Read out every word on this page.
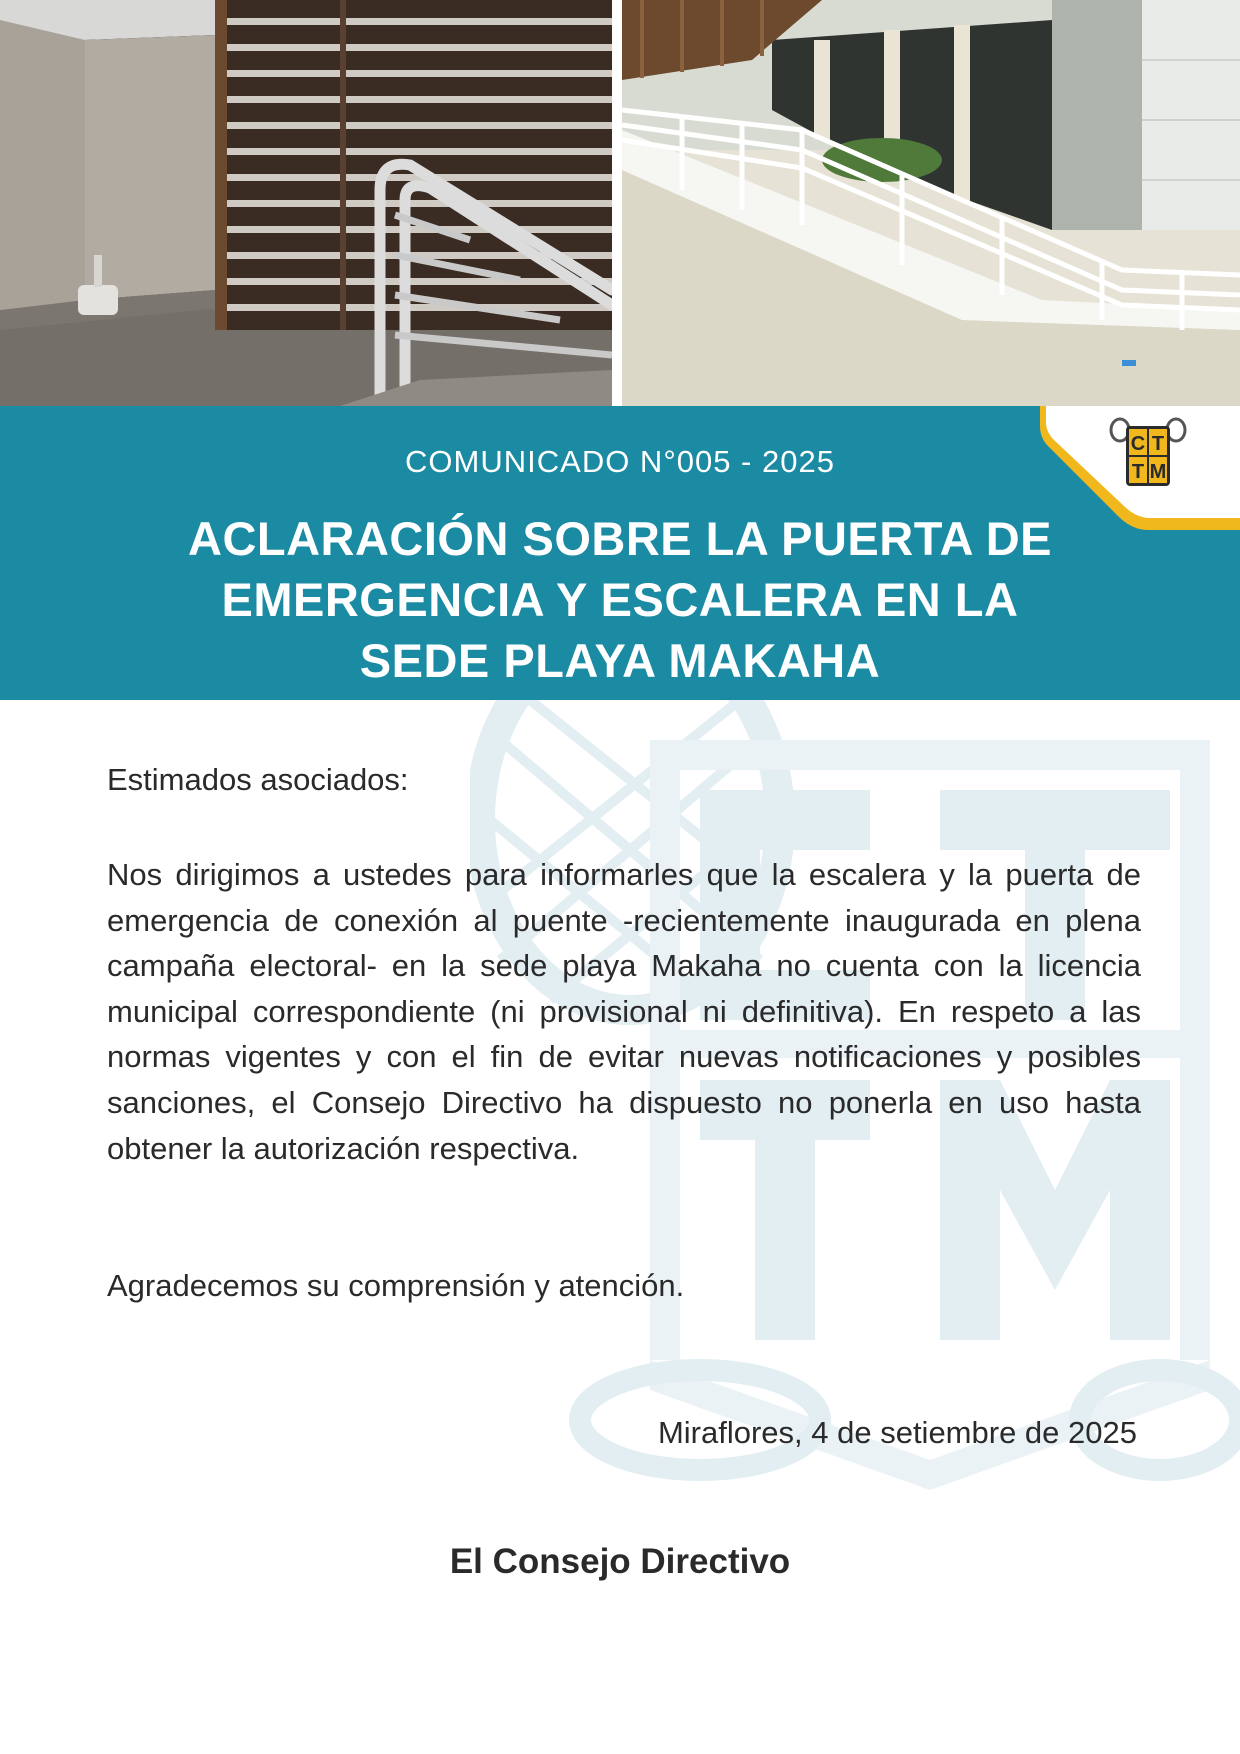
C T
T M
COMUNICADO N°005 - 2025
ACLARACIÓN SOBRE LA PUERTA DE
EMERGENCIA Y ESCALERA EN LA
SEDE PLAYA MAKAHA
Estimados asociados:
Nos dirigimos a ustedes para informarles que la escalera y la puerta de emergencia de conexión al puente -recientemente inaugurada en plena campaña electoral- en la sede playa Makaha no cuenta con la licencia municipal correspondiente (ni provisional ni definitiva). En respeto a las normas vigentes y con el fin de evitar nuevas notificaciones y posibles sanciones, el Consejo Directivo ha dispuesto no ponerla en uso hasta obtener la autorización respectiva.
Agradecemos su comprensión y atención.
Miraflores, 4 de setiembre de 2025
El Consejo Directivo
